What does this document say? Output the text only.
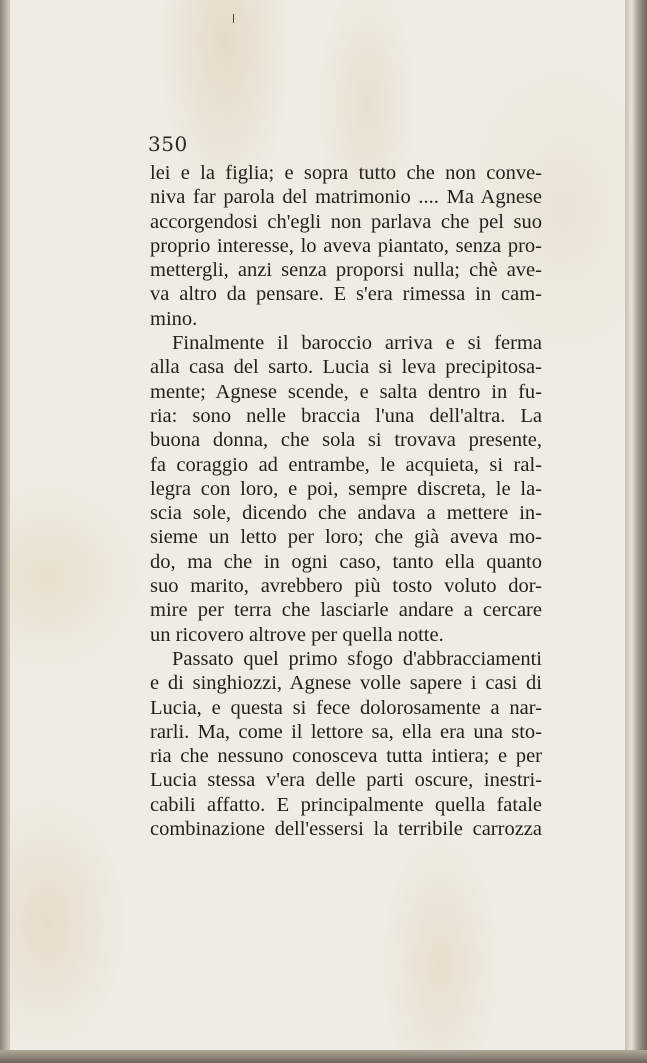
350
lei e la figlia; e sopra tutto che non conve-
niva far parola del matrimonio .... Ma Agnese
accorgendosi ch'egli non parlava che pel suo
proprio interesse, lo aveva piantato, senza pro-
mettergli, anzi senza proporsi nulla; chè ave-
va altro da pensare. E s'era rimessa in cam-
mino.
Finalmente il baroccio arriva e si ferma
alla casa del sarto. Lucia si leva precipitosa-
mente; Agnese scende, e salta dentro in fu-
ria: sono nelle braccia l'una dell'altra. La
buona donna, che sola si trovava presente,
fa coraggio ad entrambe, le acquieta, si ral-
legra con loro, e poi, sempre discreta, le la-
scia sole, dicendo che andava a mettere in-
sieme un letto per loro; che già aveva mo-
do, ma che in ogni caso, tanto ella quanto
suo marito, avrebbero più tosto voluto dor-
mire per terra che lasciarle andare a cercare
un ricovero altrove per quella notte.
Passato quel primo sfogo d'abbracciamenti
e di singhiozzi, Agnese volle sapere i casi di
Lucia, e questa si fece dolorosamente a nar-
rarli. Ma, come il lettore sa, ella era una sto-
ria che nessuno conosceva tutta intiera; e per
Lucia stessa v'era delle parti oscure, inestri-
cabili affatto. E principalmente quella fatale
combinazione dell'essersi la terribile carrozza
